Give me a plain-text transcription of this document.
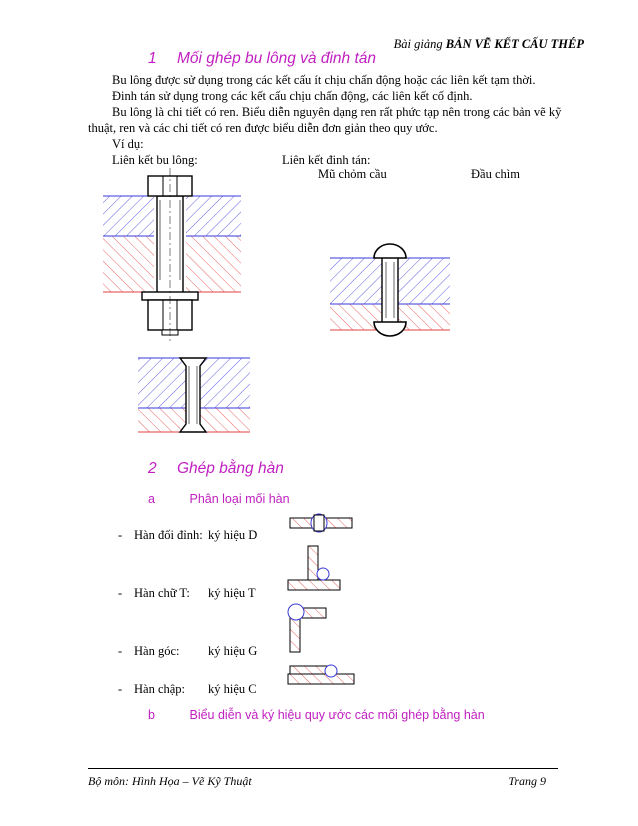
Bài giảng BẢN VẼ KẾT CẤU THÉP
1 Mối ghép bu lông và đinh tán
Bu lông được sử dụng trong các kết cấu ít chịu chấn động hoặc các liên kết tạm thời.
Đinh tán sử dụng trong các kết cấu chịu chấn động, các liên kết cố định.
Bu lông là chi tiết có ren. Biểu diễn nguyên dạng ren rất phức tạp nên trong các bản vẽ kỹ
thuật, ren và các chi tiết có ren được biểu diễn đơn giản theo quy ước.
Ví dụ:
Liên kết bu lông:	Liên kết đinh tán:
Mũ chỏm cầu	Đầu chìm
2 Ghép bằng hàn
a	Phân loại mối hàn
- Hàn đối đỉnh: ký hiệu D
- Hàn chữ T: ký hiệu T
- Hàn góc: ký hiệu G
- Hàn chập: ký hiệu C
b	Biểu diễn và ký hiệu quy ước các mối ghép bằng hàn
Bộ môn: Hình Họa – Vẽ Kỹ Thuật	Trang 9
